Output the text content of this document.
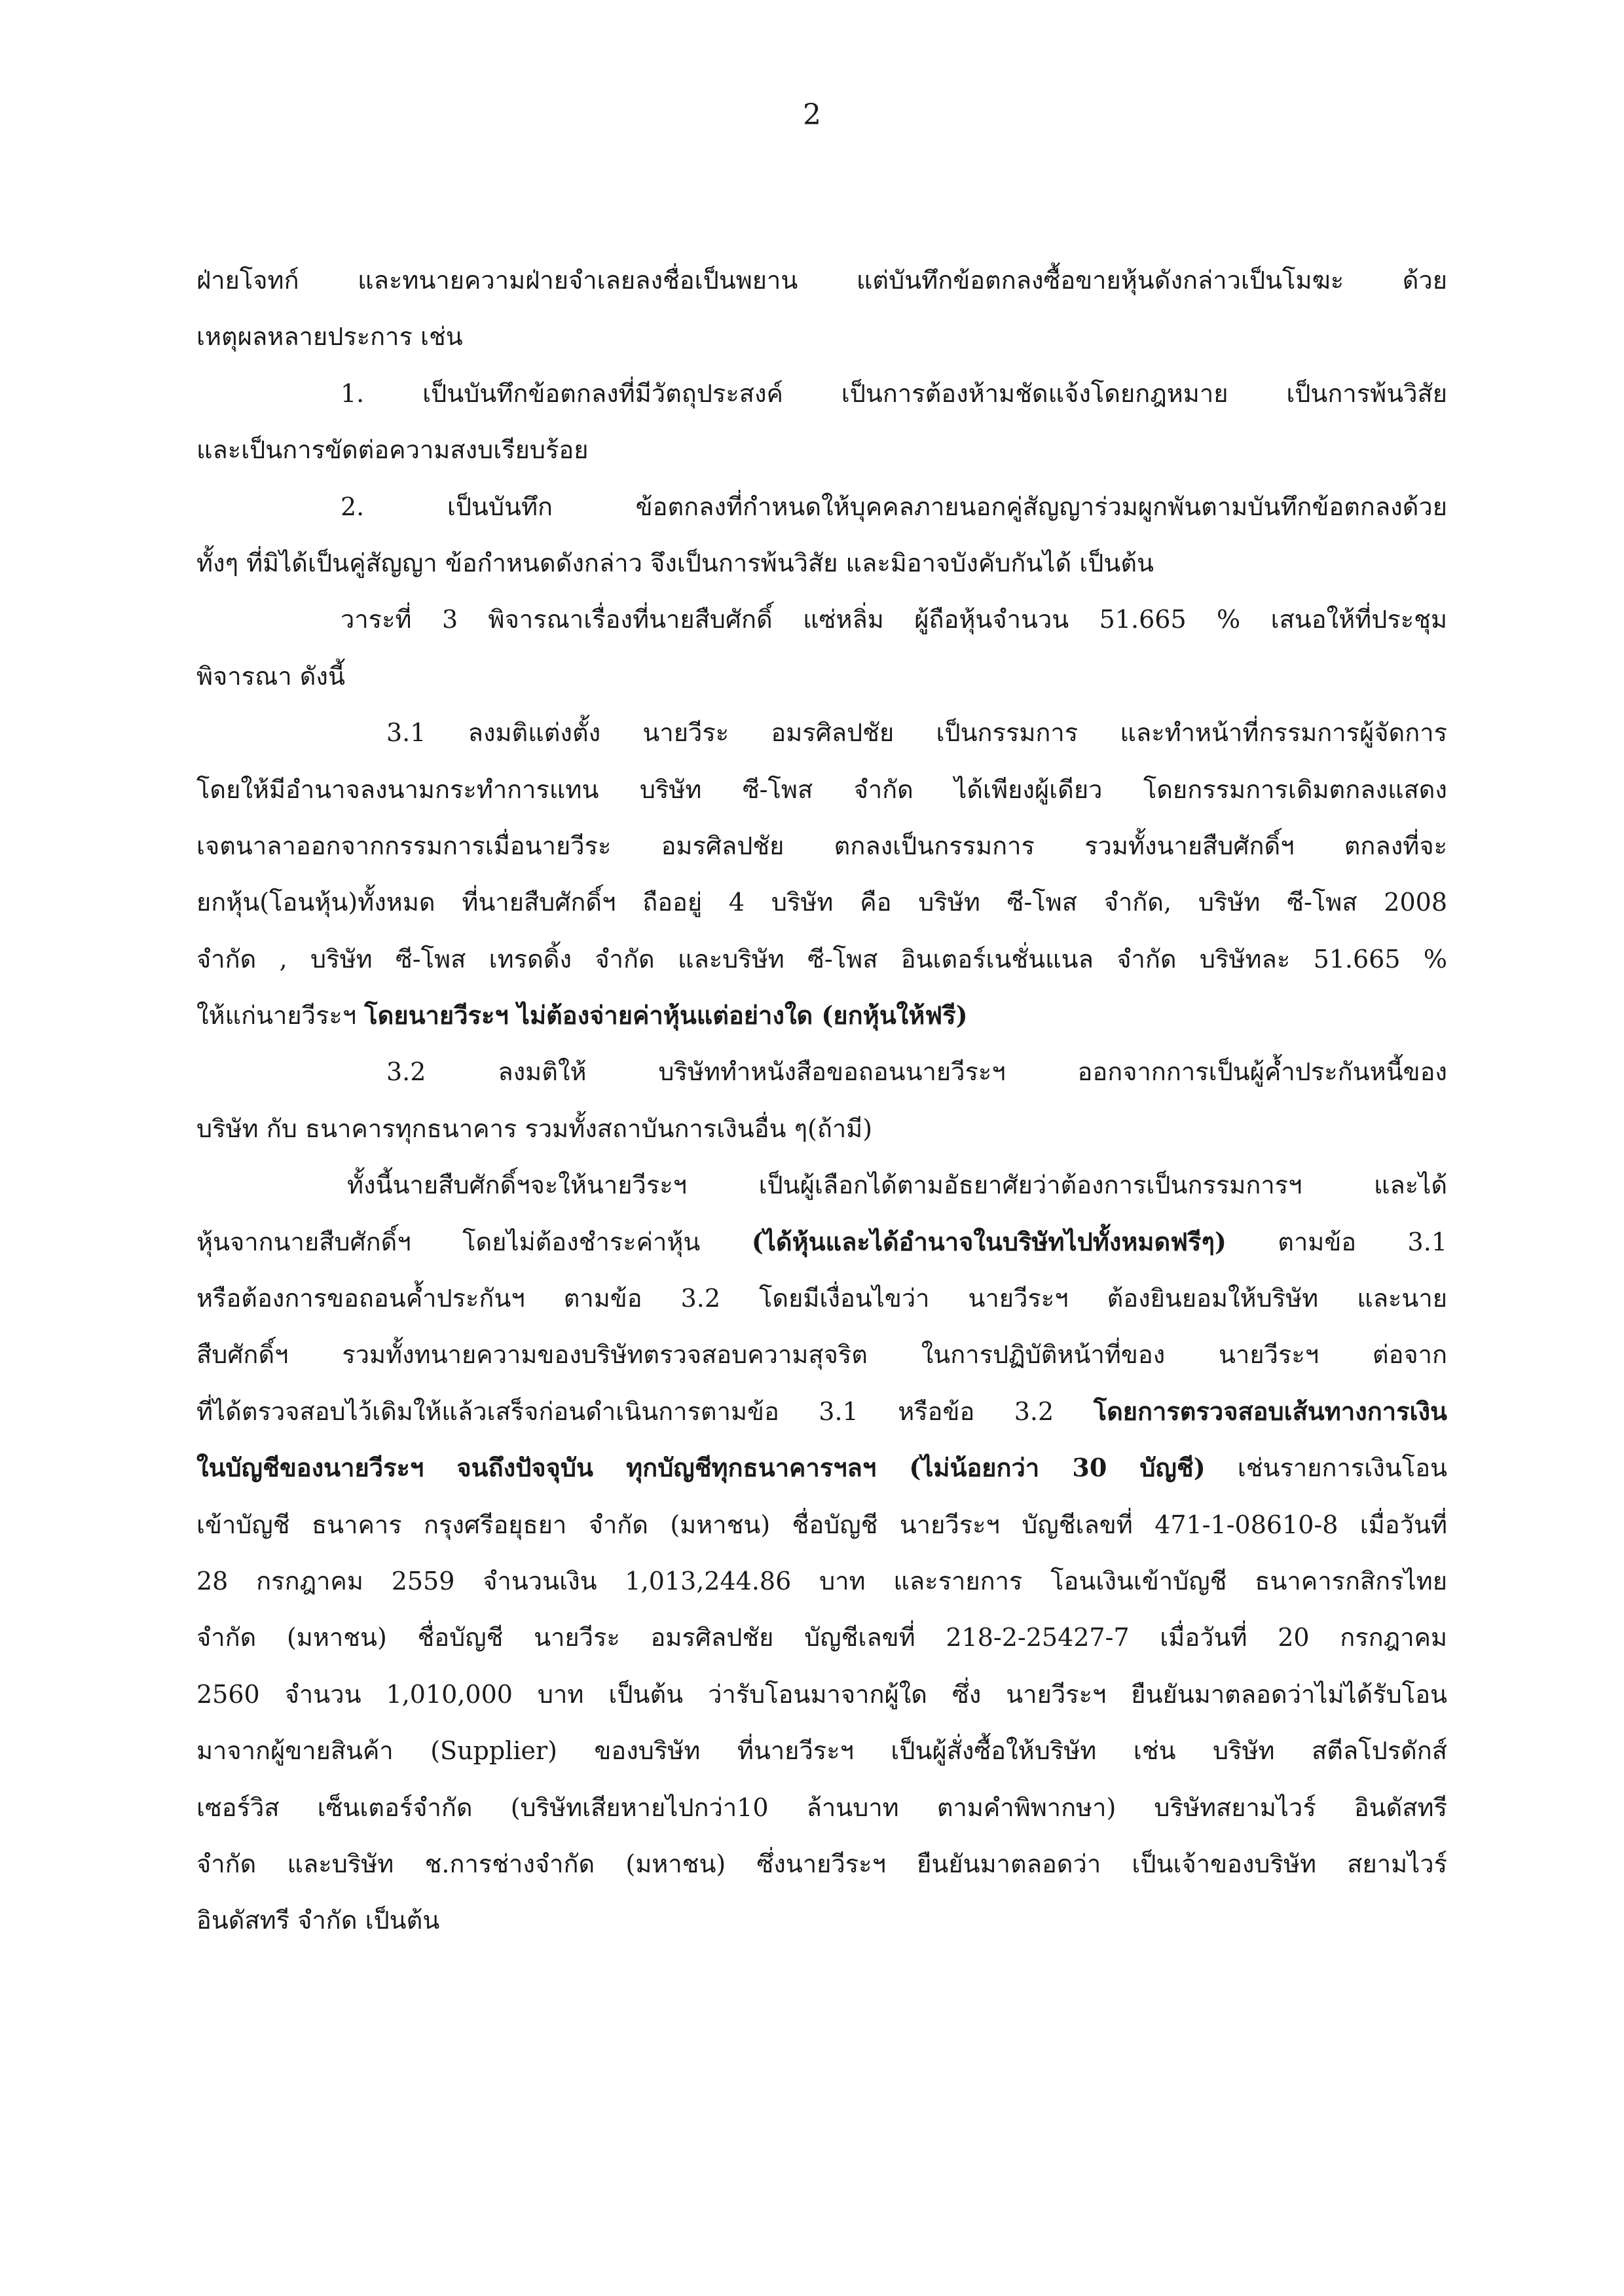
2
ฝ่ายโจทก์ และทนายความฝ่ายจำเลยลงชื่อเป็นพยาน แต่บันทึกข้อตกลงซื้อขายหุ้นดังกล่าวเป็นโมฆะ ด้วย
เหตุผลหลายประการ เช่น
1. เป็นบันทึกข้อตกลงที่มีวัตถุประสงค์ เป็นการต้องห้ามชัดแจ้งโดยกฎหมาย เป็นการพ้นวิสัย
และเป็นการขัดต่อความสงบเรียบร้อย
2. เป็นบันทึก ข้อตกลงที่กำหนดให้บุคคลภายนอกคู่สัญญาร่วมผูกพันตามบันทึกข้อตกลงด้วย
ทั้งๆ ที่มิได้เป็นคู่สัญญา ข้อกำหนดดังกล่าว จึงเป็นการพ้นวิสัย และมิอาจบังคับกันได้ เป็นต้น
วาระที่ 3 พิจารณาเรื่องที่นายสืบศักดิ์ แซ่หลิ่ม ผู้ถือหุ้นจำนวน 51.665 % เสนอให้ที่ประชุม
พิจารณา ดังนี้
3.1 ลงมติแต่งตั้ง นายวีระ อมรศิลปชัย เป็นกรรมการ และทำหน้าที่กรรมการผู้จัดการ
โดยให้มีอำนาจลงนามกระทำการแทน บริษัท ซี-โพส จำกัด ได้เพียงผู้เดียว โดยกรรมการเดิมตกลงแสดง
เจตนาลาออกจากกรรมการเมื่อนายวีระ อมรศิลปชัย ตกลงเป็นกรรมการ รวมทั้งนายสืบศักดิ์ฯ ตกลงที่จะ
ยกหุ้น(โอนหุ้น)ทั้งหมด ที่นายสืบศักดิ์ฯ ถืออยู่ 4 บริษัท คือ บริษัท ซี-โพส จำกัด, บริษัท ซี-โพส 2008
จำกัด , บริษัท ซี-โพส เทรดดิ้ง จำกัด และบริษัท ซี-โพส อินเตอร์เนชั่นแนล จำกัด บริษัทละ 51.665 %
ให้แก่นายวีระฯ โดยนายวีระฯ ไม่ต้องจ่ายค่าหุ้นแต่อย่างใด (ยกหุ้นให้ฟรี)
3.2 ลงมติให้ บริษัททำหนังสือขอถอนนายวีระฯ ออกจากการเป็นผู้ค้ำประกันหนี้ของ
บริษัท กับ ธนาคารทุกธนาคาร รวมทั้งสถาบันการเงินอื่น ๆ(ถ้ามี)
ทั้งนี้นายสืบศักดิ์ฯจะให้นายวีระฯ เป็นผู้เลือกได้ตามอัธยาศัยว่าต้องการเป็นกรรมการฯ และได้
หุ้นจากนายสืบศักดิ์ฯ โดยไม่ต้องชำระค่าหุ้น (ได้หุ้นและได้อำนาจในบริษัทไปทั้งหมดฟรีๆ) ตามข้อ 3.1
หรือต้องการขอถอนค้ำประกันฯ ตามข้อ 3.2 โดยมีเงื่อนไขว่า นายวีระฯ ต้องยินยอมให้บริษัท และนาย
สืบศักดิ์ฯ รวมทั้งทนายความของบริษัทตรวจสอบความสุจริต ในการปฏิบัติหน้าที่ของ นายวีระฯ ต่อจาก
ที่ได้ตรวจสอบไว้เดิมให้แล้วเสร็จก่อนดำเนินการตามข้อ 3.1 หรือข้อ 3.2 โดยการตรวจสอบเส้นทางการเงิน
ในบัญชีของนายวีระฯ จนถึงปัจจุบัน ทุกบัญชีทุกธนาคารฯลฯ (ไม่น้อยกว่า 30 บัญชี) เช่นรายการเงินโอน
เข้าบัญชี ธนาคาร กรุงศรีอยุธยา จำกัด (มหาชน) ชื่อบัญชี นายวีระฯ บัญชีเลขที่ 471-1-08610-8 เมื่อวันที่
28 กรกฎาคม 2559 จำนวนเงิน 1,013,244.86 บาท และรายการ โอนเงินเข้าบัญชี ธนาคารกสิกรไทย
จำกัด (มหาชน) ชื่อบัญชี นายวีระ อมรศิลปชัย บัญชีเลขที่ 218-2-25427-7 เมื่อวันที่ 20 กรกฎาคม
2560 จำนวน 1,010,000 บาท เป็นต้น ว่ารับโอนมาจากผู้ใด ซึ่ง นายวีระฯ ยืนยันมาตลอดว่าไม่ได้รับโอน
มาจากผู้ขายสินค้า (Supplier) ของบริษัท ที่นายวีระฯ เป็นผู้สั่งซื้อให้บริษัท เช่น บริษัท สตีลโปรดักส์
เซอร์วิส เซ็นเตอร์จำกัด (บริษัทเสียหายไปกว่า10 ล้านบาท ตามคำพิพากษา) บริษัทสยามไวร์ อินดัสทรี
จำกัด และบริษัท ช.การช่างจำกัด (มหาชน) ซึ่งนายวีระฯ ยืนยันมาตลอดว่า เป็นเจ้าของบริษัท สยามไวร์
อินดัสทรี จำกัด เป็นต้น
